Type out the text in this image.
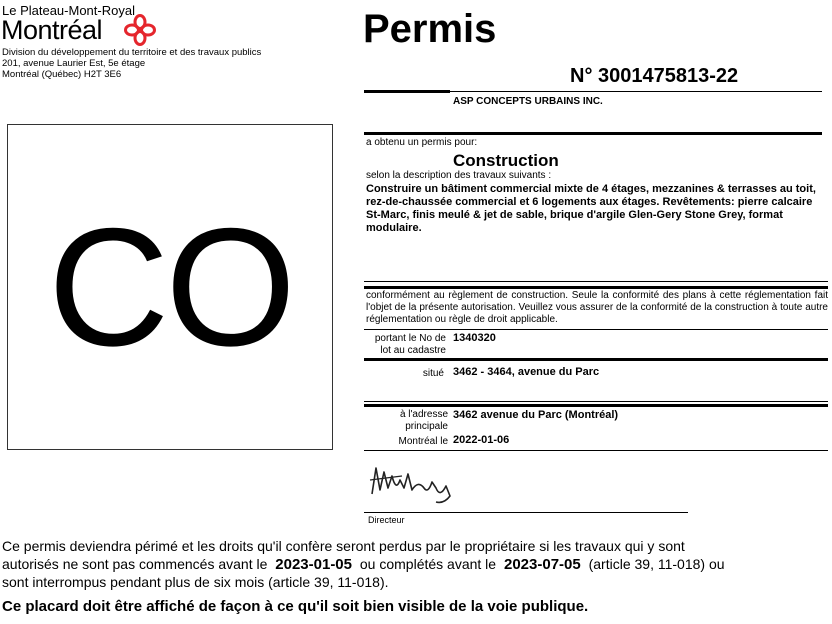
Le Plateau-Mont-Royal
Montréal
Division du développement du territoire et des travaux publics
201, avenue Laurier Est, 5e étage
Montréal (Québec) H2T 3E6
Permis
N° 3001475813-22
CO
ASP CONCEPTS URBAINS INC.
a obtenu un permis pour:
Construction
selon la description des travaux suivants :
Construire un bâtiment commercial mixte de 4 étages, mezzanines & terrasses au toit, rez-de-chaussée commercial et 6 logements aux étages. Revêtements: pierre calcaire St-Marc, finis meulé & jet de sable, brique d'argile Glen-Gery Stone Grey, format modulaire.
conformément au règlement de construction. Seule la conformité des plans à cette réglementation fait l'objet de la présente autorisation. Veuillez vous assurer de la conformité de la construction à toute autre réglementation ou règle de droit applicable.
portant le No de lot au cadastre
1340320
situé 3462 - 3464, avenue du Parc
à l'adresse principale
3462 avenue du Parc (Montréal)
Montréal le 2022-01-06
Directeur
Ce permis deviendra périmé et les droits qu'il confère seront perdus par le propriétaire si les travaux qui y sont
autorisés ne sont pas commencés avant le 2023-01-05 ou complétés avant le 2023-07-05 (article 39, 11-018) ou
sont interrompus pendant plus de six mois (article 39, 11-018).
Ce placard doit être affiché de façon à ce qu'il soit bien visible de la voie publique.
